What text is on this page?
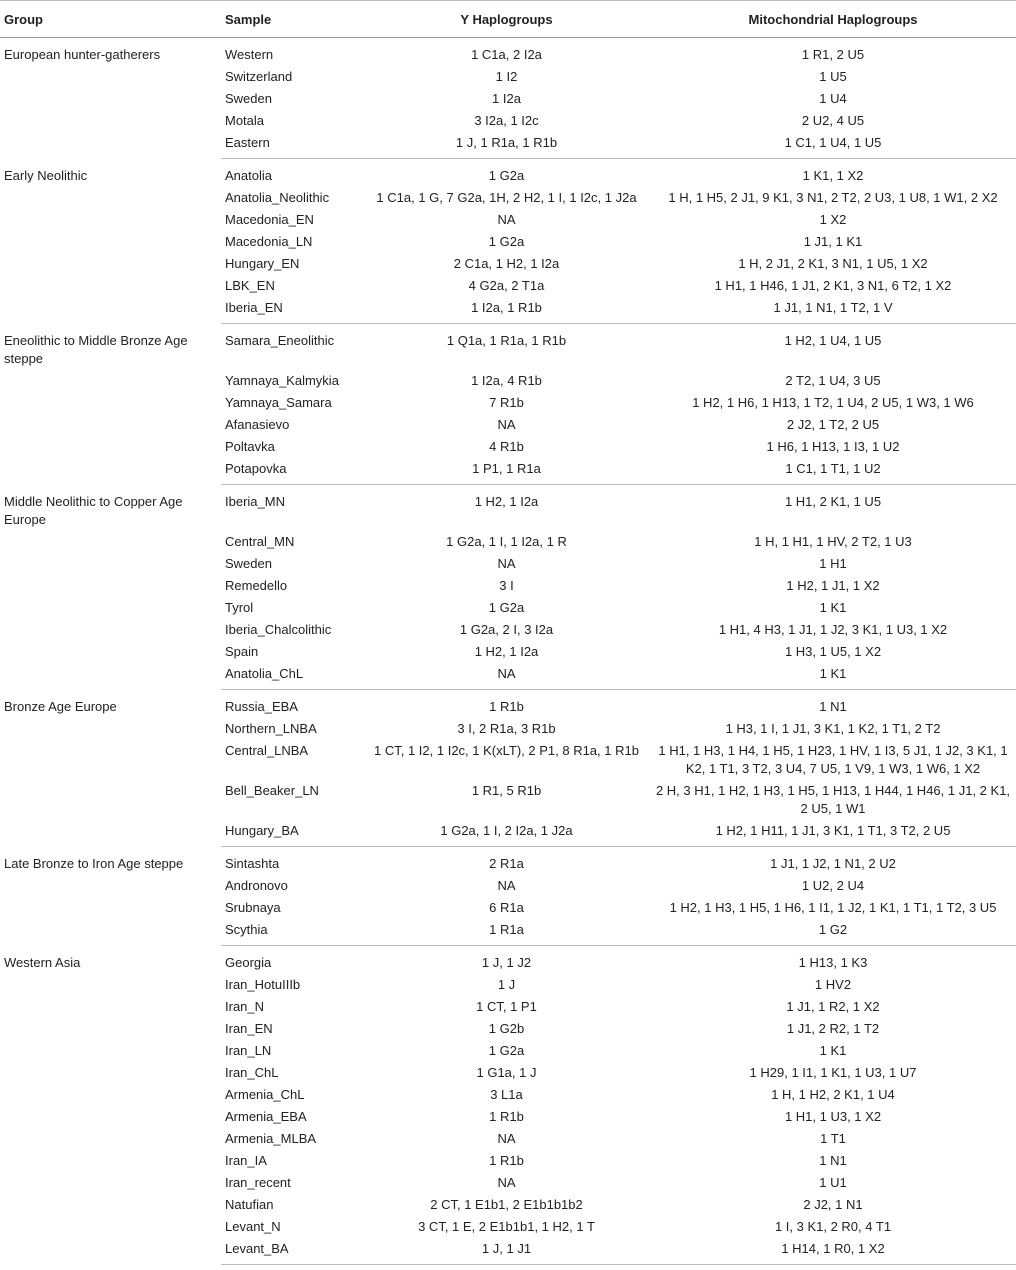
Group	Sample	Y Haplogroups	Mitochondrial Haplogroups
European hunter-gatherers	Western	1 C1a, 2 I2a	1 R1, 2 U5
	Switzerland	1 I2	1 U5
	Sweden	1 I2a	1 U4
	Motala	3 I2a, 1 I2c	2 U2, 4 U5
	Eastern	1 J, 1 R1a, 1 R1b	1 C1, 1 U4, 1 U5
Early Neolithic	Anatolia	1 G2a	1 K1, 1 X2
	Anatolia_Neolithic	1 C1a, 1 G, 7 G2a, 1H, 2 H2, 1 I, 1 I2c, 1 J2a	1 H, 1 H5, 2 J1, 9 K1, 3 N1, 2 T2, 2 U3, 1 U8, 1 W1, 2 X2
	Macedonia_EN	NA	1 X2
	Macedonia_LN	1 G2a	1 J1, 1 K1
	Hungary_EN	2 C1a, 1 H2, 1 I2a	1 H, 2 J1, 2 K1, 3 N1, 1 U5, 1 X2
	LBK_EN	4 G2a, 2 T1a	1 H1, 1 H46, 1 J1, 2 K1, 3 N1, 6 T2, 1 X2
	Iberia_EN	1 I2a, 1 R1b	1 J1, 1 N1, 1 T2, 1 V
Eneolithic to Middle Bronze Age steppe	Samara_Eneolithic	1 Q1a, 1 R1a, 1 R1b	1 H2, 1 U4, 1 U5
	Yamnaya_Kalmykia	1 I2a, 4 R1b	2 T2, 1 U4, 3 U5
	Yamnaya_Samara	7 R1b	1 H2, 1 H6, 1 H13, 1 T2, 1 U4, 2 U5, 1 W3, 1 W6
	Afanasievo	NA	2 J2, 1 T2, 2 U5
	Poltavka	4 R1b	1 H6, 1 H13, 1 I3, 1 U2
	Potapovka	1 P1, 1 R1a	1 C1, 1 T1, 1 U2
Middle Neolithic to Copper Age Europe	Iberia_MN	1 H2, 1 I2a	1 H1, 2 K1, 1 U5
	Central_MN	1 G2a, 1 I, 1 I2a, 1 R	1 H, 1 H1, 1 HV, 2 T2, 1 U3
	Sweden	NA	1 H1
	Remedello	3 I	1 H2, 1 J1, 1 X2
	Tyrol	1 G2a	1 K1
	Iberia_Chalcolithic	1 G2a, 2 I, 3 I2a	1 H1, 4 H3, 1 J1, 1 J2, 3 K1, 1 U3, 1 X2
	Spain	1 H2, 1 I2a	1 H3, 1 U5, 1 X2
	Anatolia_ChL	NA	1 K1
Bronze Age Europe	Russia_EBA	1 R1b	1 N1
	Northern_LNBA	3 I, 2 R1a, 3 R1b	1 H3, 1 I, 1 J1, 3 K1, 1 K2, 1 T1, 2 T2
	Central_LNBA	1 CT, 1 I2, 1 I2c, 1 K(xLT), 2 P1, 8 R1a, 1 R1b	1 H1, 1 H3, 1 H4, 1 H5, 1 H23, 1 HV, 1 I3, 5 J1, 1 J2, 3 K1, 1 K2, 1 T1, 3 T2, 3 U4, 7 U5, 1 V9, 1 W3, 1 W6, 1 X2
	Bell_Beaker_LN	1 R1, 5 R1b	2 H, 3 H1, 1 H2, 1 H3, 1 H5, 1 H13, 1 H44, 1 H46, 1 J1, 2 K1, 2 U5, 1 W1
	Hungary_BA	1 G2a, 1 I, 2 I2a, 1 J2a	1 H2, 1 H11, 1 J1, 3 K1, 1 T1, 3 T2, 2 U5
Late Bronze to Iron Age steppe	Sintashta	2 R1a	1 J1, 1 J2, 1 N1, 2 U2
	Andronovo	NA	1 U2, 2 U4
	Srubnaya	6 R1a	1 H2, 1 H3, 1 H5, 1 H6, 1 I1, 1 J2, 1 K1, 1 T1, 1 T2, 3 U5
	Scythia	1 R1a	1 G2
Western Asia	Georgia	1 J, 1 J2	1 H13, 1 K3
	Iran_HotuIIIb	1 J	1 HV2
	Iran_N	1 CT, 1 P1	1 J1, 1 R2, 1 X2
	Iran_EN	1 G2b	1 J1, 2 R2, 1 T2
	Iran_LN	1 G2a	1 K1
	Iran_ChL	1 G1a, 1 J	1 H29, 1 I1, 1 K1, 1 U3, 1 U7
	Armenia_ChL	3 L1a	1 H, 1 H2, 2 K1, 1 U4
	Armenia_EBA	1 R1b	1 H1, 1 U3, 1 X2
	Armenia_MLBA	NA	1 T1
	Iran_IA	1 R1b	1 N1
	Iran_recent	NA	1 U1
	Natufian	2 CT, 1 E1b1, 2 E1b1b1b2	2 J2, 1 N1
	Levant_N	3 CT, 1 E, 2 E1b1b1, 1 H2, 1 T	1 I, 3 K1, 2 R0, 4 T1
	Levant_BA	1 J, 1 J1	1 H14, 1 R0, 1 X2
